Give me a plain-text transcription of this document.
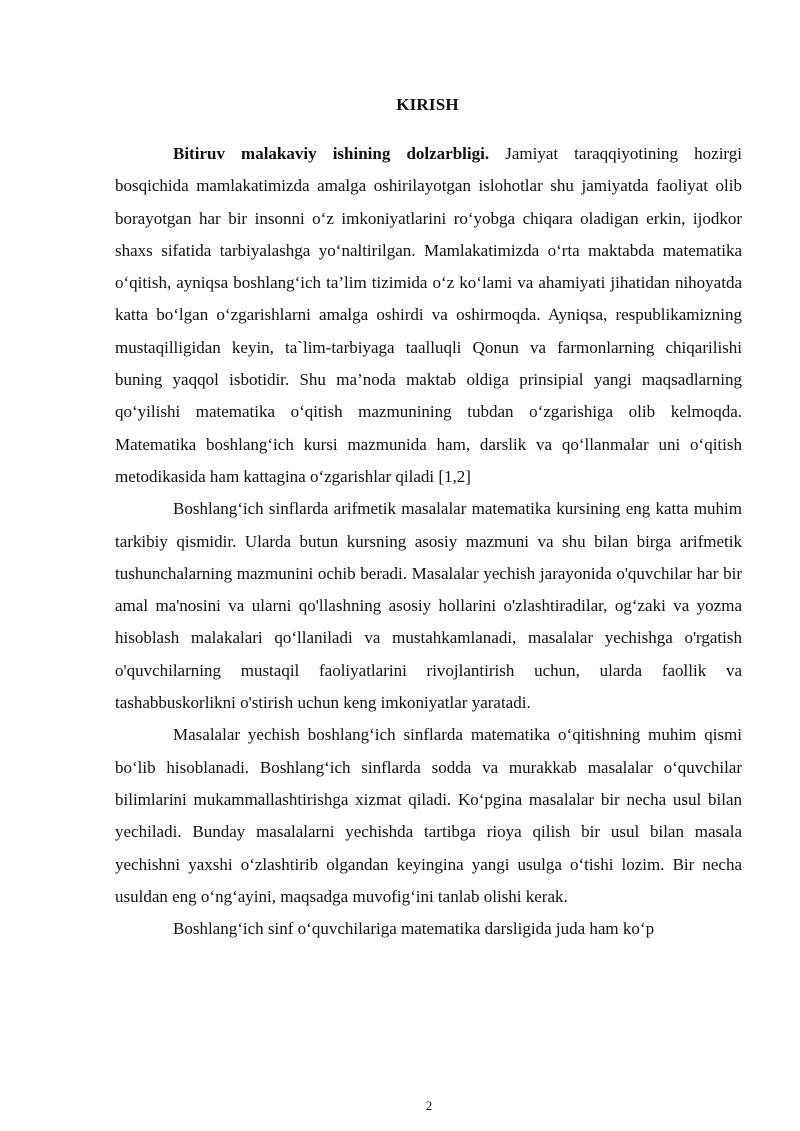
KIRISH

Bitiruv malakaviy ishining dolzarbligi. Jamiyat taraqqiyotining hozirgi bosqichida mamlakatimizda amalga oshirilayotgan islohotlar shu jamiyatda faoliyat olib borayotgan har bir insonni o‘z imkoniyatlarini ro‘yobga chiqara oladigan erkin, ijodkor shaxs sifatida tarbiyalashga yo‘naltirilgan. Mamlakatimizda o‘rta maktabda matematika o‘qitish, ayniqsa boshlang‘ich ta’lim tizimida o‘z ko‘lami va ahamiyati jihatidan nihoyatda katta bo‘lgan o‘zgarishlarni amalga oshirdi va oshirmoqda. Ayniqsa, respublikamizning mustaqilligidan keyin, ta`lim-tarbiyaga taalluqli Qonun va farmonlarning chiqarilishi buning yaqqol isbotidir. Shu ma’noda maktab oldiga prinsipial yangi maqsadlarning qo‘yilishi matematika o‘qitish mazmunining tubdan o‘zgarishiga olib kelmoqda. Matematika boshlang‘ich kursi mazmunida ham, darslik va qo‘llanmalar uni o‘qitish metodikasida ham kattagina o‘zgarishlar qiladi [1,2]

Boshlang‘ich sinflarda arifmetik masalalar matematika kursining eng katta muhim tarkibiy qismidir. Ularda butun kursning asosiy mazmuni va shu bilan birga arifmetik tushunchalarning mazmunini ochib beradi. Masalalar yechish jarayonida o'quvchilar har bir amal ma'nosini va ularni qo'llashning asosiy hollarini o'zlashtiradilar, og‘zaki va yozma hisoblash malakalari qo‘llaniladi va mustahkamlanadi, masalalar yechishga o'rgatish o'quvchilarning mustaqil faoliyatlarini rivojlantirish uchun, ularda faollik va tashabbuskorlikni o'stirish uchun keng imkoniyatlar yaratadi.

Masalalar yechish boshlang‘ich sinflarda matematika o‘qitishning muhim qismi bo‘lib hisoblanadi. Boshlang‘ich sinflarda sodda va murakkab masalalar o‘quvchilar bilimlarini mukammallashtirishga xizmat qiladi. Ko‘pgina masalalar bir necha usul bilan yechiladi. Bunday masalalarni yechishda tartibga rioya qilish bir usul bilan masala yechishni yaxshi o‘zlashtirib olgandan keyingina yangi usulga o‘tishi lozim. Bir necha usuldan eng o‘ng‘ayini, maqsadga muvofig‘ini tanlab olishi kerak.

Boshlang‘ich sinf o‘quvchilariga matematika darsligida juda ham ko‘p

2
